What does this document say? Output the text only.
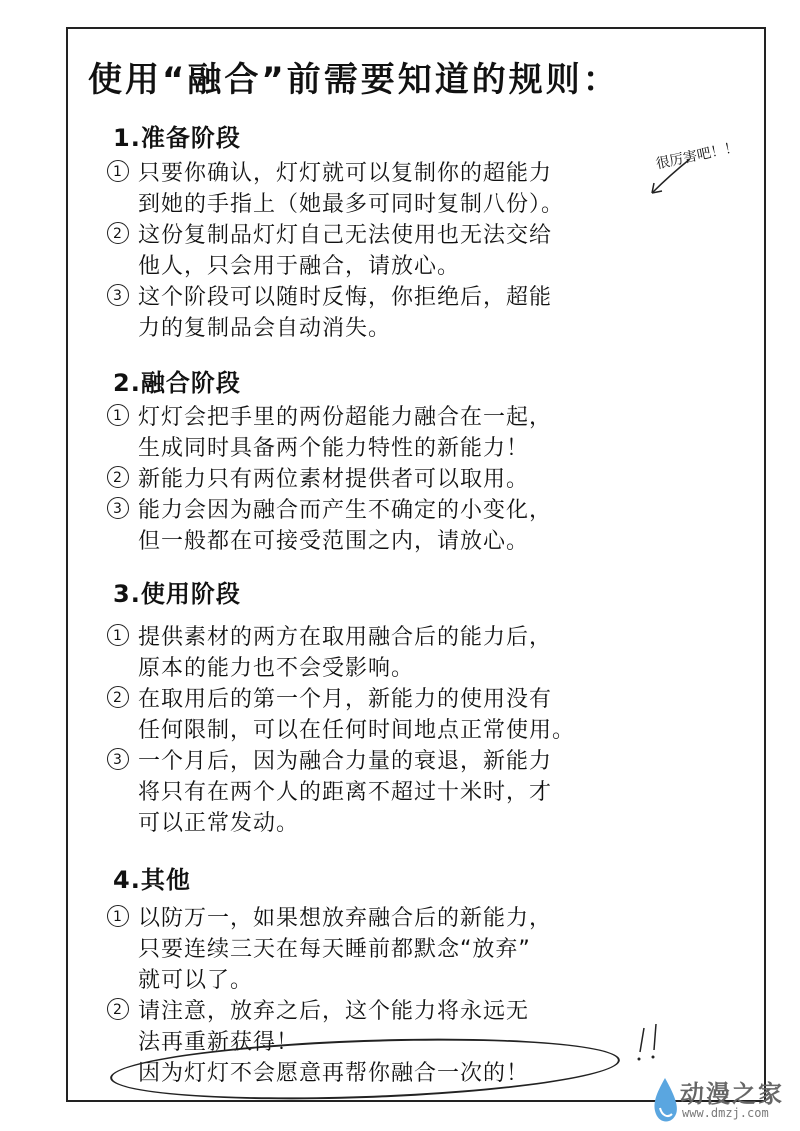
使用“融合”前需要知道的规则：
1.准备阶段
1 只要你确认，灯灯就可以复制你的超能力
到她的手指上（她最多可同时复制八份）。
2 这份复制品灯灯自己无法使用也无法交给
他人，只会用于融合，请放心。
3 这个阶段可以随时反悔，你拒绝后，超能
力的复制品会自动消失。
很厉害吧！！
2.融合阶段
1 灯灯会把手里的两份超能力融合在一起，
生成同时具备两个能力特性的新能力！
2 新能力只有两位素材提供者可以取用。
3 能力会因为融合而产生不确定的小变化，
但一般都在可接受范围之内，请放心。
3.使用阶段
1 提供素材的两方在取用融合后的能力后，
原本的能力也不会受影响。
2 在取用后的第一个月，新能力的使用没有
任何限制，可以在任何时间地点正常使用。
3 一个月后，因为融合力量的衰退，新能力
将只有在两个人的距离不超过十米时，才
可以正常发动。
4.其他
1 以防万一，如果想放弃融合后的新能力，
只要连续三天在每天睡前都默念“放弃”
就可以了。
2 请注意，放弃之后，这个能力将永远无
法再重新获得！
因为灯灯不会愿意再帮你融合一次的！
动漫之家
www.dmzj.com
